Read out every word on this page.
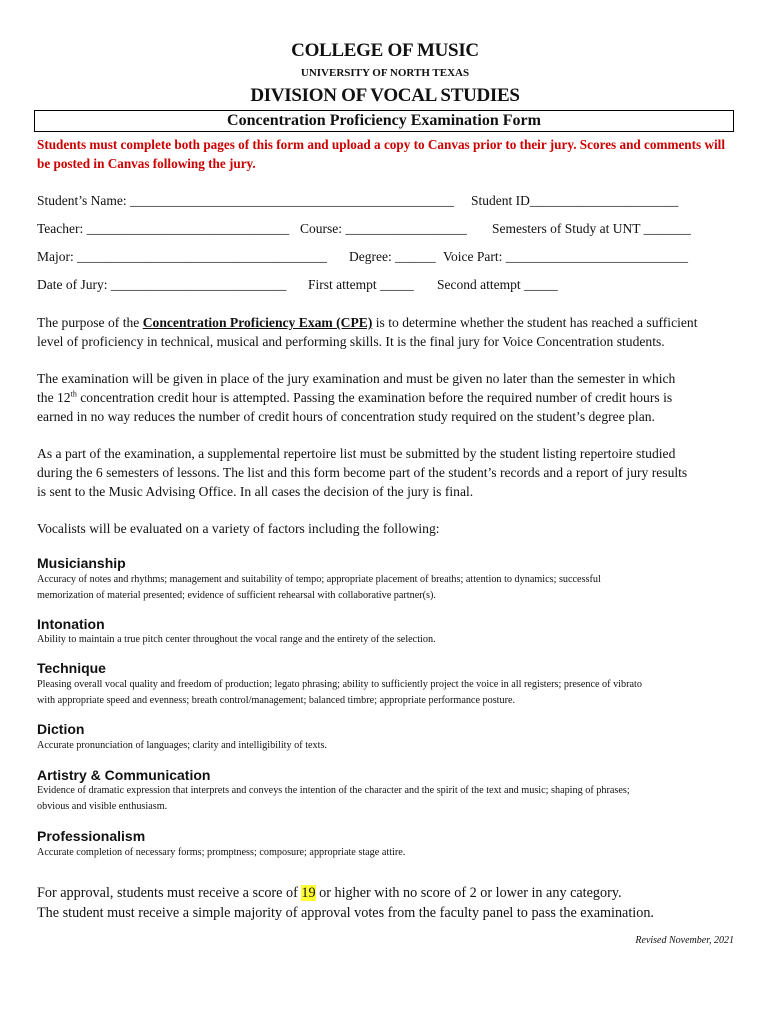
COLLEGE OF MUSIC
UNIVERSITY OF NORTH TEXAS
DIVISION OF VOCAL STUDIES
Concentration Proficiency Examination Form
Students must complete both pages of this form and upload a copy to Canvas prior to their jury. Scores and comments will
be posted in Canvas following the jury.
Student’s Name: ________________________________________________ Student ID______________________
Teacher: ______________________________ Course: __________________ Semesters of Study at UNT _______
Major: _____________________________________ Degree: ______ Voice Part: ___________________________
Date of Jury: __________________________ First attempt _____ Second attempt _____
The purpose of the Concentration Proficiency Exam (CPE) is to determine whether the student has reached a sufficient
level of proficiency in technical, musical and performing skills. It is the final jury for Voice Concentration students.
The examination will be given in place of the jury examination and must be given no later than the semester in which
the 12th concentration credit hour is attempted. Passing the examination before the required number of credit hours is
earned in no way reduces the number of credit hours of concentration study required on the student’s degree plan.
As a part of the examination, a supplemental repertoire list must be submitted by the student listing repertoire studied
during the 6 semesters of lessons. The list and this form become part of the student’s records and a report of jury results
is sent to the Music Advising Office. In all cases the decision of the jury is final.
Vocalists will be evaluated on a variety of factors including the following:
Musicianship
Accuracy of notes and rhythms; management and suitability of tempo; appropriate placement of breaths; attention to dynamics; successful
memorization of material presented; evidence of sufficient rehearsal with collaborative partner(s).
Intonation
Ability to maintain a true pitch center throughout the vocal range and the entirety of the selection.
Technique
Pleasing overall vocal quality and freedom of production; legato phrasing; ability to sufficiently project the voice in all registers; presence of vibrato
with appropriate speed and evenness; breath control/management; balanced timbre; appropriate performance posture.
Diction
Accurate pronunciation of languages; clarity and intelligibility of texts.
Artistry & Communication
Evidence of dramatic expression that interprets and conveys the intention of the character and the spirit of the text and music; shaping of phrases;
obvious and visible enthusiasm.
Professionalism
Accurate completion of necessary forms; promptness; composure; appropriate stage attire.
For approval, students must receive a score of 19 or higher with no score of 2 or lower in any category.
The student must receive a simple majority of approval votes from the faculty panel to pass the examination.
Revised November, 2021
